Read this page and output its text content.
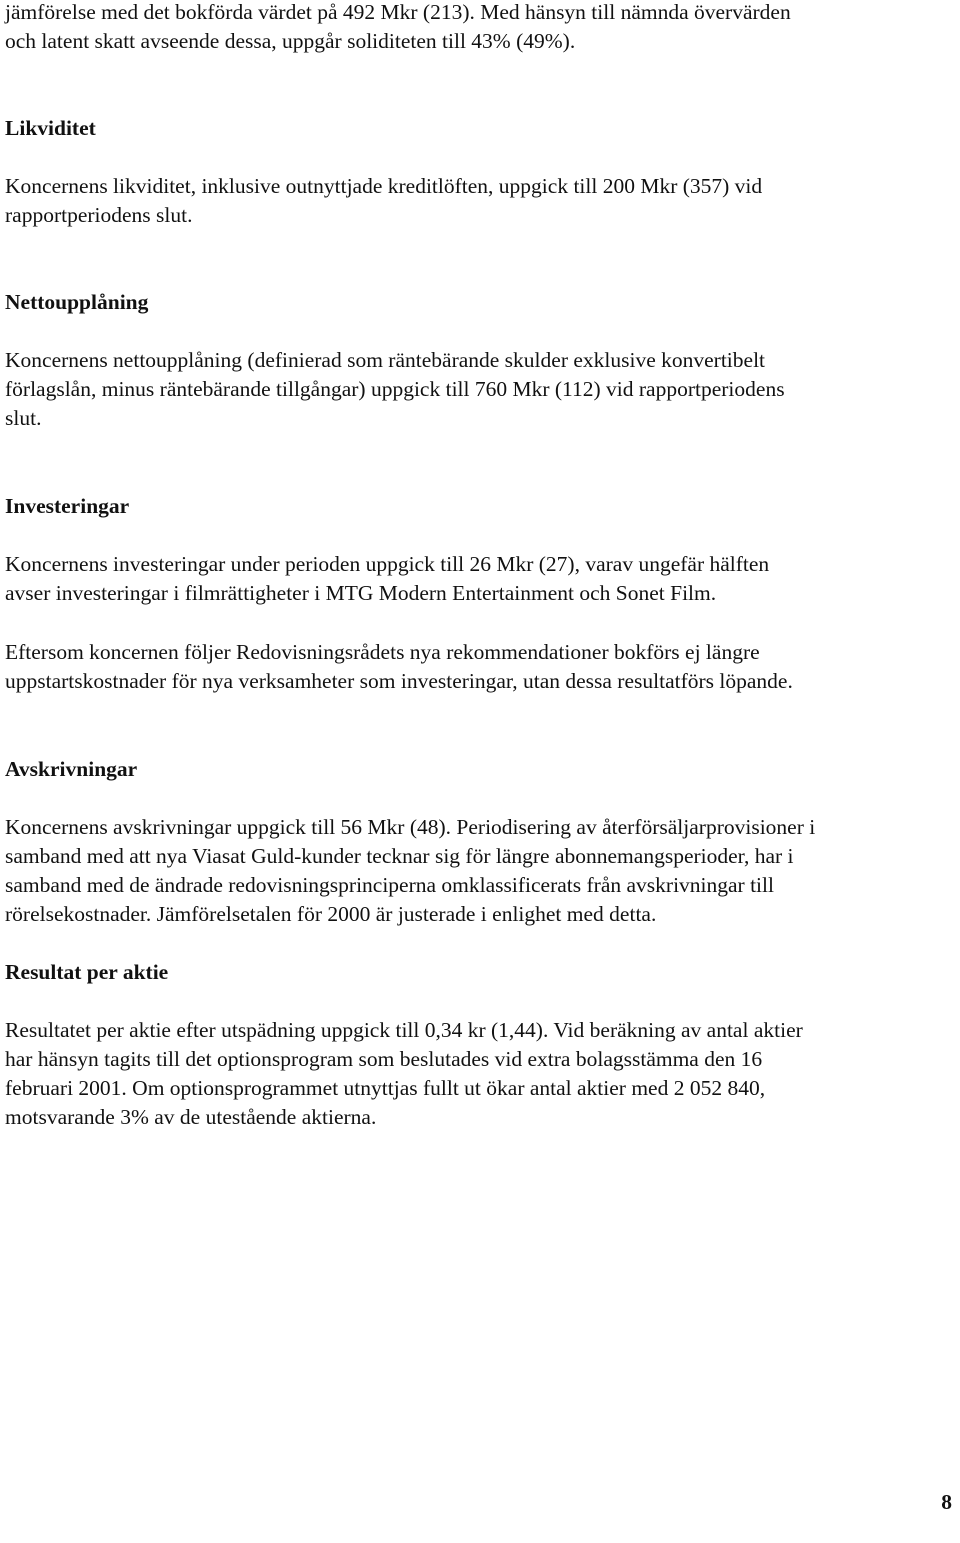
jämförelse med det bokförda värdet på 492 Mkr (213). Med hänsyn till nämnda övervärden
och latent skatt avseende dessa, uppgår soliditeten till 43% (49%).

Likviditet

Koncernens likviditet, inklusive outnyttjade kreditlöften, uppgick till 200 Mkr (357) vid
rapportperiodens slut.

Nettoupplåning

Koncernens nettoupplåning (definierad som räntebärande skulder exklusive konvertibelt
förlagslån, minus räntebärande tillgångar) uppgick till 760 Mkr (112) vid rapportperiodens
slut.

Investeringar

Koncernens investeringar under perioden uppgick till 26 Mkr (27), varav ungefär hälften
avser investeringar i filmrättigheter i MTG Modern Entertainment och Sonet Film.

Eftersom koncernen följer Redovisningsrådets nya rekommendationer bokförs ej längre
uppstartskostnader för nya verksamheter som investeringar, utan dessa resultatförs löpande.

Avskrivningar

Koncernens avskrivningar uppgick till 56 Mkr (48). Periodisering av återförsäljarprovisioner i
samband med att nya Viasat Guld-kunder tecknar sig för längre abonnemangsperioder, har i
samband med de ändrade redovisningsprinciperna omklassificerats från avskrivningar till
rörelsekostnader. Jämförelsetalen för 2000 är justerade i enlighet med detta.

Resultat per aktie

Resultatet per aktie efter utspädning uppgick till 0,34 kr (1,44). Vid beräkning av antal aktier
har hänsyn tagits till det optionsprogram som beslutades vid extra bolagsstämma den 16
februari 2001. Om optionsprogrammet utnyttjas fullt ut ökar antal aktier med 2 052 840,
motsvarande 3% av de utestående aktierna.

8
